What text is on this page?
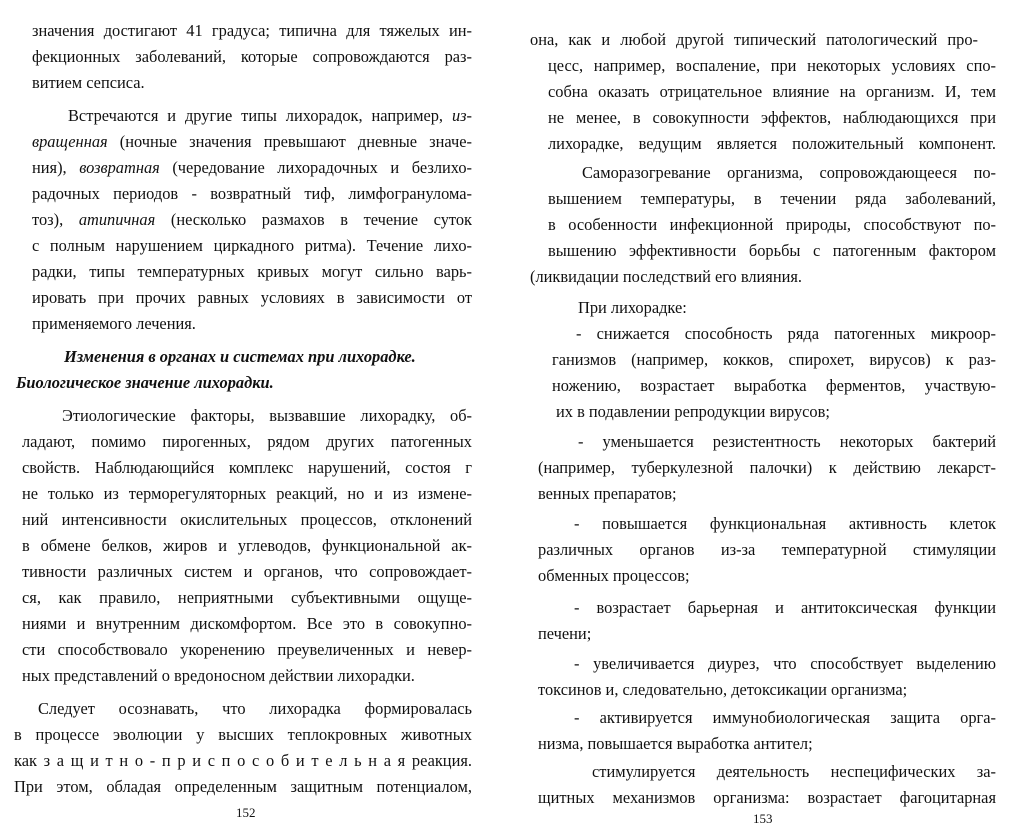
значения достигают 41 градуса; типична для тяжелых ин-
фекционных заболеваний, которые сопровождаются раз-
витием сепсиса.
Встречаются и другие типы лихорадок, например, из-
вращенная (ночные значения превышают дневные значе-
ния), возвратная (чередование лихорадочных и безлихо-
радочных периодов - возвратный тиф, лимфогранулома-
тоз), атипичная (несколько размахов в течение суток
с полным нарушением циркадного ритма). Течение лихо-
радки, типы температурных кривых могут сильно варь-
ировать при прочих равных условиях в зависимости от
применяемого лечения.
Изменения в органах и системах при лихорадке.
Биологическое значение лихорадки.
Этиологические факторы, вызвавшие лихорадку, об-
ладают, помимо пирогенных, рядом других патогенных
свойств. Наблюдающийся комплекс нарушений, состоя г
не только из терморегуляторных реакций, но и из измене-
ний интенсивности окислительных процессов, отклонений
в обмене белков, жиров и углеводов, функциональной ак-
тивности различных систем и органов, что сопровождает-
ся, как правило, неприятными субъективными ощуще-
ниями и внутренним дискомфортом. Все это в совокупно-
сти способствовало укоренению преувеличенных и невер-
ных представлений о вредоносном действии лихорадки.
Следует осознавать, что лихорадка формировалась
в процессе эволюции у высших теплокровных животных
как з а щ и т н о - п р и с п о с о б и т е л ь н а я реакция.
При этом, обладая определенным защитным потенциалом,
152
она, как и любой другой типический патологический про-
цесс, например, воспаление, при некоторых условиях спо-
собна оказать отрицательное влияние на организм. И, тем
не менее, в совокупности эффектов, наблюдающихся при
лихорадке, ведущим является положительный компонент.
Саморазогревание организма, сопровождающееся по-
вышением температуры, в течении ряда заболеваний,
в особенности инфекционной природы, способствуют по-
вышению эффективности борьбы с патогенным фактором
(ликвидации последствий его влияния.
При лихорадке:
- снижается способность ряда патогенных микроор-
ганизмов (например, кокков, спирохет, вирусов) к раз-
ножению, возрастает выработка ферментов, участвую-
их в подавлении репродукции вирусов;
- уменьшается резистентность некоторых бактерий
(например, туберкулезной палочки) к действию лекарст-
венных препаратов;
- повышается функциональная активность клеток
различных органов из-за температурной стимуляции
обменных процессов;
- возрастает барьерная и антитоксическая функции
печени;
- увеличивается диурез, что способствует выделению
токсинов и, следовательно, детоксикации организма;
- активируется иммунобиологическая защита орга-
низма, повышается выработка антител;
стимулируется деятельность неспецифических за-
щитных механизмов организма: возрастает фагоцитарная
153
